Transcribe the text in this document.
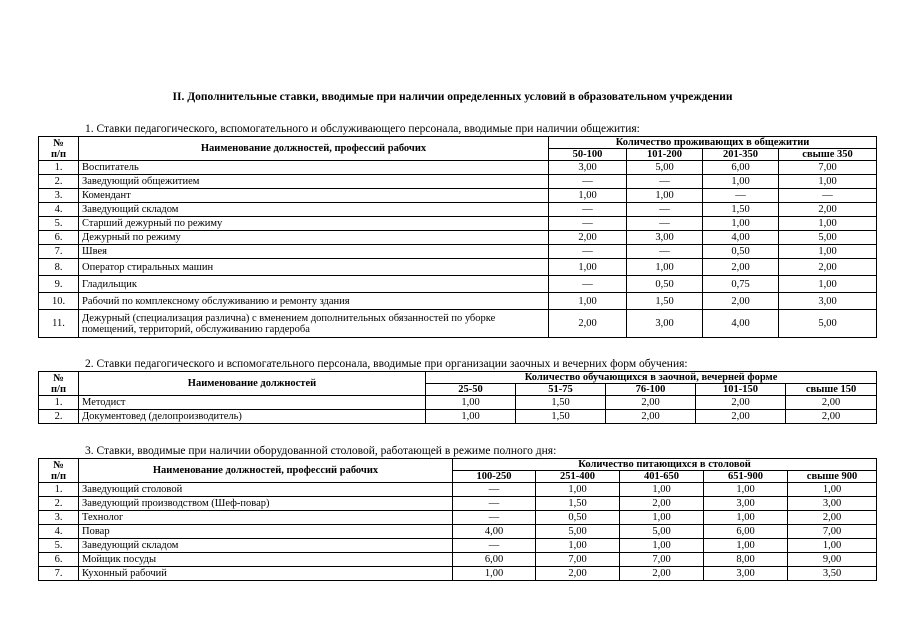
II. Дополнительные ставки, вводимые при наличии определенных условий в образовательном учреждении
1. Ставки педагогического, вспомогательного и обслуживающего персонала, вводимые при наличии общежития:
№
п/п	Наименование должностей, профессий рабочих	Количество проживающих в общежитии			
		50-100	101-200	201-350	свыше 350
1.	Воспитатель	3,00	5,00	6,00	7,00
2.	Заведующий общежитием	—	—	1,00	1,00
3.	Комендант	1,00	1,00	—	—
4.	Заведующий складом	—	—	1,50	2,00
5.	Старший дежурный по режиму	—	—	1,00	1,00
6.	Дежурный по режиму	2,00	3,00	4,00	5,00
7.	Швея	—	—	0,50	1,00
8.	Оператор стиральных машин	1,00	1,00	2,00	2,00
9.	Гладильщик	—	0,50	0,75	1,00
10.	Рабочий по комплексному обслуживанию и ремонту здания	1,00	1,50	2,00	3,00
11.	Дежурный (специализация различна) с вменением дополнительных обязанностей по уборке помещений, территорий, обслуживанию гардероба	2,00	3,00	4,00	5,00
2. Ставки педагогического и вспомогательного персонала, вводимые при организации заочных и вечерних форм обучения:
№
п/п	Наименование должностей	Количество обучающихся в заочной, вечерней форме				
		25-50	51-75	76-100	101-150	свыше 150
1.	Методист	1,00	1,50	2,00	2,00	2,00
2.	Документовед (делопроизводитель)	1,00	1,50	2,00	2,00	2,00
3. Ставки, вводимые при наличии оборудованной столовой, работающей в режиме полного дня:
№
п/п	Наименование должностей, профессий рабочих	Количество питающихся в столовой				
		100-250	251-400	401-650	651-900	свыше 900
1.	Заведующий столовой	—	1,00	1,00	1,00	1,00
2.	Заведующий производством (Шеф-повар)	—	1,50	2,00	3,00	3,00
3.	Технолог	—	0,50	1,00	1,00	2,00
4.	Повар	4,00	5,00	5,00	6,00	7,00
5.	Заведующий складом	—	1,00	1,00	1,00	1,00
6.	Мойщик посуды	6,00	7,00	7,00	8,00	9,00
7.	Кухонный рабочий	1,00	2,00	2,00	3,00	3,50
